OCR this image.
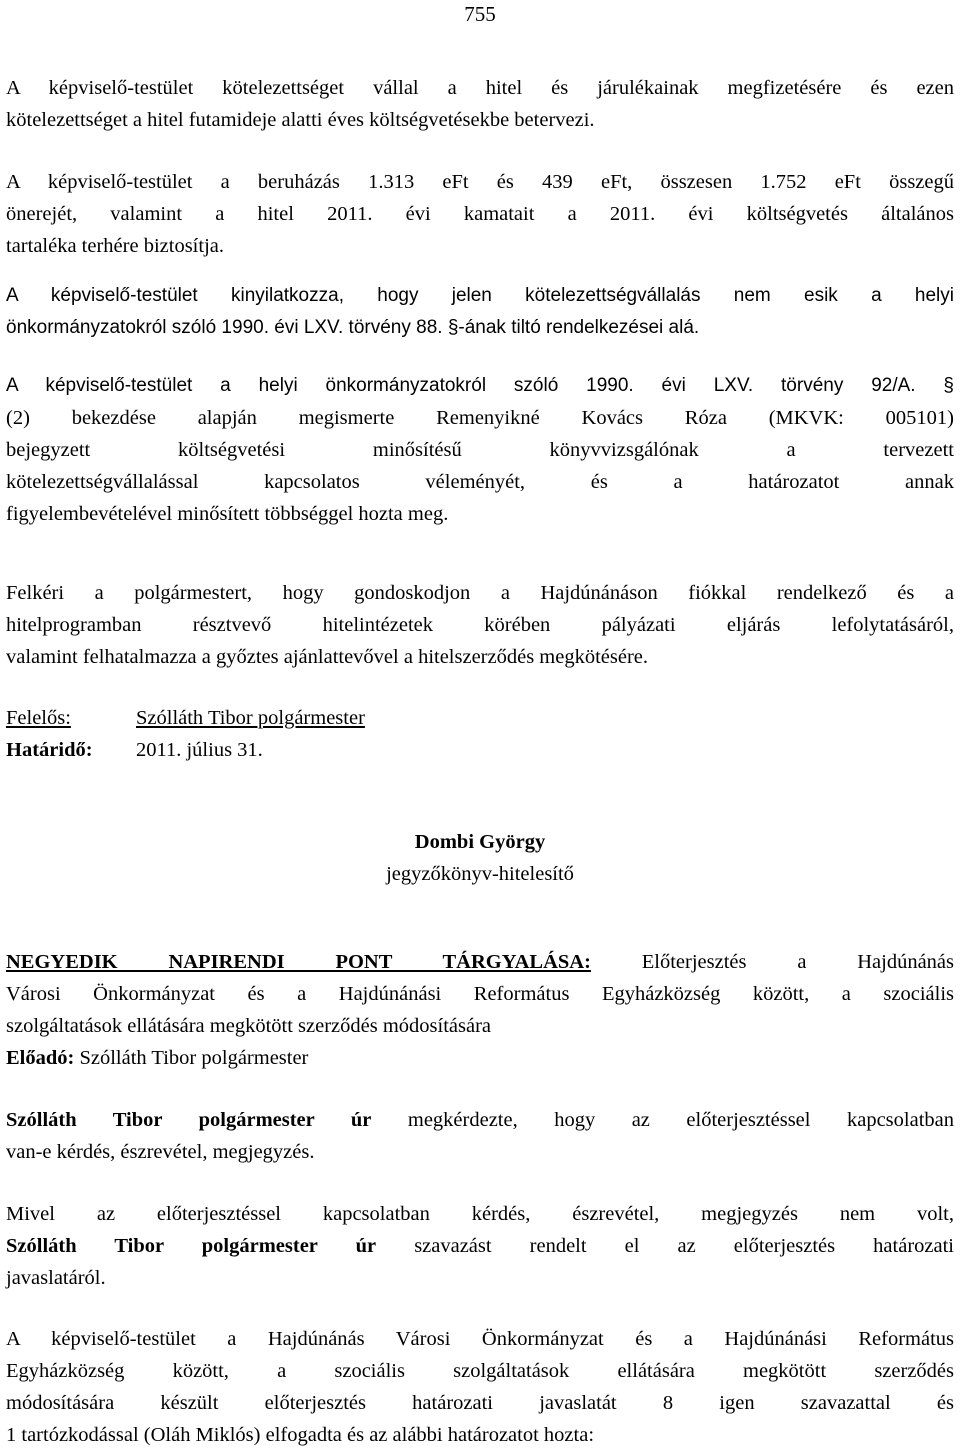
755
A képviselő-testület kötelezettséget vállal a hitel és járulékainak megfizetésére és ezen
kötelezettséget a hitel futamideje alatti éves költségvetésekbe betervezi.
A képviselő-testület a beruházás 1.313 eFt és 439 eFt, összesen 1.752 eFt összegű
önerejét, valamint a hitel 2011. évi kamatait a 2011. évi költségvetés általános
tartaléka terhére biztosítja.
A képviselő-testület kinyilatkozza, hogy jelen kötelezettségvállalás nem esik a helyi
önkormányzatokról szóló 1990. évi LXV. törvény 88. §-ának tiltó rendelkezései alá.
A képviselő-testület a helyi önkormányzatokról szóló 1990. évi LXV. törvény 92/A. §
(2) bekezdése alapján megismerte Remenyikné Kovács Róza (MKVK: 005101)
bejegyzett költségvetési minősítésű könyvvizsgálónak a tervezett
kötelezettségvállalással kapcsolatos véleményét, és a határozatot annak
figyelembevételével minősített többséggel hozta meg.
Felkéri a polgármestert, hogy gondoskodjon a Hajdúnánáson fiókkal rendelkező és a
hitelprogramban résztvevő hitelintézetek körében pályázati eljárás lefolytatásáról,
valamint felhatalmazza a győztes ajánlattevővel a hitelszerződés megkötésére.
Felelős:	Szólláth Tibor polgármester
Határidő: 2011. július 31.
Dombi György
jegyzőkönyv-hitelesítő
NEGYEDIK NAPIRENDI PONT TÁRGYALÁSA: Előterjesztés a Hajdúnánás
Városi Önkormányzat és a Hajdúnánási Református Egyházközség között, a szociális
szolgáltatások ellátására megkötött szerződés módosítására
Előadó: Szólláth Tibor polgármester
Szólláth Tibor polgármester úr megkérdezte, hogy az előterjesztéssel kapcsolatban
van-e kérdés, észrevétel, megjegyzés.
Mivel az előterjesztéssel kapcsolatban kérdés, észrevétel, megjegyzés nem volt,
Szólláth Tibor polgármester úr szavazást rendelt el az előterjesztés határozati
javaslatáról.
A képviselő-testület a Hajdúnánás Városi Önkormányzat és a Hajdúnánási Református
Egyházközség között, a szociális szolgáltatások ellátására megkötött szerződés
módosítására készült előterjesztés határozati javaslatát 8 igen szavazattal és
1 tartózkodással (Oláh Miklós) elfogadta és az alábbi határozatot hozta:
